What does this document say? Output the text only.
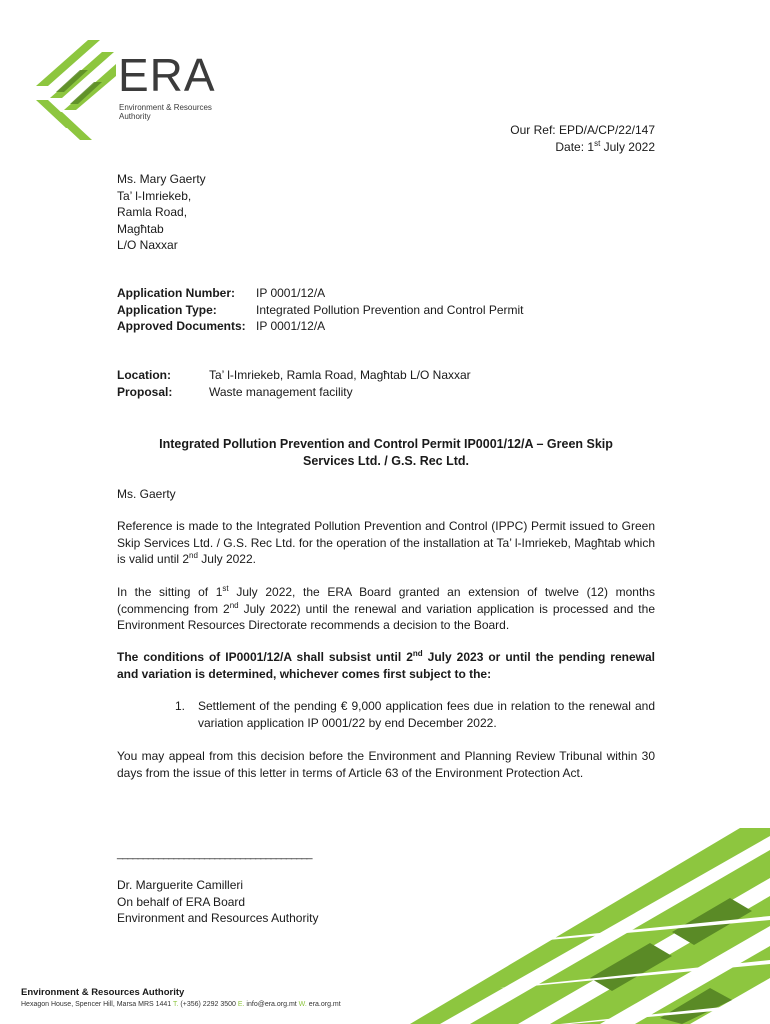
ERA
Environment & Resources
Authority
Our Ref: EPD/A/CP/22/147
Date: 1st July 2022
Ms. Mary Gaerty
Ta’ l-Imriekeb,
Ramla Road,
Magħtab
L/O Naxxar
Application Number:	IP 0001/12/A
Application Type:	Integrated Pollution Prevention and Control Permit
Approved Documents: IP 0001/12/A
Location:	Ta’ l-Imriekeb, Ramla Road, Magħtab L/O Naxxar
Proposal:	Waste management facility
Integrated Pollution Prevention and Control Permit IP0001/12/A – Green Skip
Services Ltd. / G.S. Rec Ltd.
Ms. Gaerty
Reference is made to the Integrated Pollution Prevention and Control (IPPC) Permit issued to Green Skip Services Ltd. / G.S. Rec Ltd. for the operation of the installation at Ta’ l-Imriekeb, Magħtab which is valid until 2nd July 2022.
In the sitting of 1st July 2022, the ERA Board granted an extension of twelve (12) months (commencing from 2nd July 2022) until the renewal and variation application is processed and the Environment Resources Directorate recommends a decision to the Board.
The conditions of IP0001/12/A shall subsist until 2nd July 2023 or until the pending renewal and variation is determined, whichever comes first subject to the:
1.	Settlement of the pending € 9,000 application fees due in relation to the renewal and variation application IP 0001/22 by end December 2022.
You may appeal from this decision before the Environment and Planning Review Tribunal within 30 days from the issue of this letter in terms of Article 63 of the Environment Protection Act.
______________________________________
Dr. Marguerite Camilleri
On behalf of ERA Board
Environment and Resources Authority
Environment & Resources Authority
Hexagon House, Spencer Hill, Marsa MRS 1441 T. (+356) 2292 3500 E. info@era.org.mt W. era.org.mt
